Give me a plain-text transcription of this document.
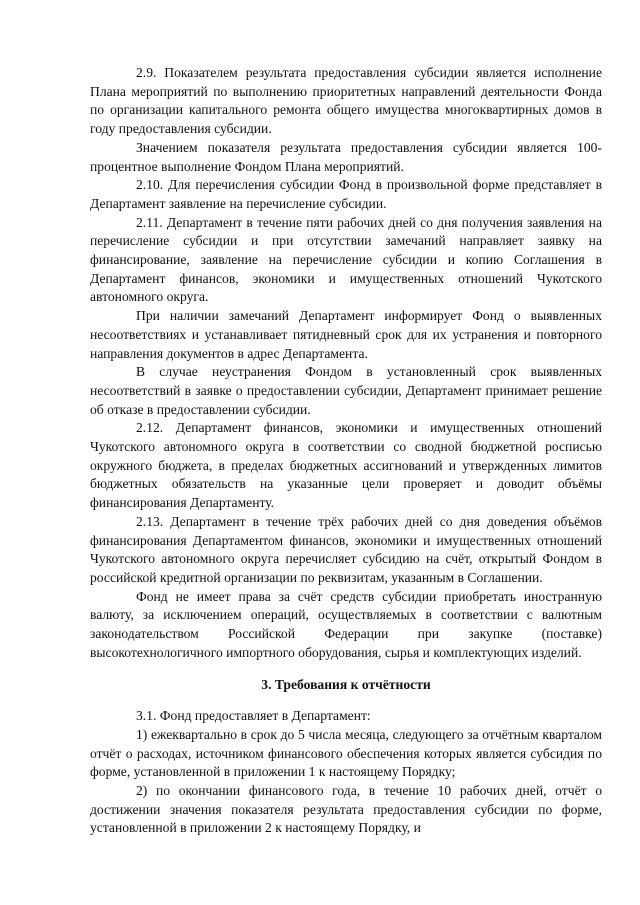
2.9. Показателем результата предоставления субсидии является исполнение Плана мероприятий по выполнению приоритетных направлений деятельности Фонда по организации капитального ремонта общего имущества многоквартирных домов в году предоставления субсидии.

Значением показателя результата предоставления субсидии является 100- процентное выполнение Фондом Плана мероприятий.

2.10. Для перечисления субсидии Фонд в произвольной форме представляет в Департамент заявление на перечисление субсидии.

2.11. Департамент в течение пяти рабочих дней со дня получения заявления на перечисление субсидии и при отсутствии замечаний направляет заявку на финансирование, заявление на перечисление субсидии и копию Соглашения в Департамент финансов, экономики и имущественных отношений Чукотского автономного округа.

При наличии замечаний Департамент информирует Фонд о выявленных несоответствиях и устанавливает пятидневный срок для их устранения и повторного направления документов в адрес Департамента.

В случае неустранения Фондом в установленный срок выявленных несоответствий в заявке о предоставлении субсидии, Департамент принимает решение об отказе в предоставлении субсидии.

2.12. Департамент финансов, экономики и имущественных отношений Чукотского автономного округа в соответствии со сводной бюджетной росписью окружного бюджета, в пределах бюджетных ассигнований и утвержденных лимитов бюджетных обязательств на указанные цели проверяет и доводит объёмы финансирования Департаменту.

2.13. Департамент в течение трёх рабочих дней со дня доведения объёмов финансирования Департаментом финансов, экономики и имущественных отношений Чукотского автономного округа перечисляет субсидию на счёт, открытый Фондом в российской кредитной организации по реквизитам, указанным в Соглашении.

Фонд не имеет права за счёт средств субсидии приобретать иностранную валюту, за исключением операций, осуществляемых в соответствии с валютным законодательством Российской Федерации при закупке (поставке) высокотехнологичного импортного оборудования, сырья и комплектующих изделий.

3. Требования к отчётности

3.1. Фонд предоставляет в Департамент:

1) ежеквартально в срок до 5 числа месяца, следующего за отчётным кварталом отчёт о расходах, источником финансового обеспечения которых является субсидия по форме, установленной в приложении 1 к настоящему Порядку;

2) по окончании финансового года, в течение 10 рабочих дней, отчёт о достижении значения показателя результата предоставления субсидии по форме, установленной в приложении 2 к настоящему Порядку, и
